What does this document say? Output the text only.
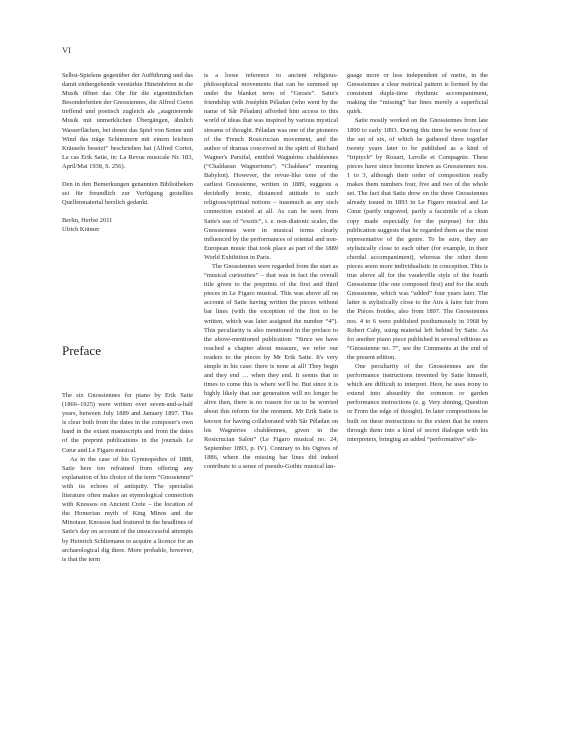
VI

Selbst-Spielens gegenüber der Aufführung und das damit einhergehende verstärkte Hineinhören in die Musik öffnet das Ohr für die eigentümlichen Besonderheiten der Gnossiennes, die Alfred Cortot treffend und poetisch zugleich als „stagnierende Musik mit unmerklichen Übergängen, ähnlich Wasserflächen, bei denen das Spiel von Sonne und Wind das träge Schimmern mit einem leichten Kräuseln besetzt“ beschrieben hat (Alfred Cortot, Le cas Erik Satie, in: La Revue musicale Nr. 183, April/Mai 1938, S. 256).

Den in den Bemerkungen genannten Bibliotheken sei für freundlich zur Verfügung gestelltes Quellenmaterial herzlich gedankt.

Berlin, Herbst 2011

Ulrich Krämer

Preface

The six Gnossiennes for piano by Erik Satie (1866–1925) were written over seven-and-a-half years, between July 1889 and January 1897. This is clear both from the dates in the composer's own hand in the extant manuscripts and from the dates of the preprint publications in the journals Le Cœur and Le Figaro musical.

As in the case of his Gymnopédies of 1888, Satie here too refrained from offering any explanation of his choice of the term “Gnossienne” with its echoes of antiquity. The specialist literature often makes an etymological connection with Knossos on Ancient Crete – the location of the Homerian myth of King Minos and the Minotaur. Knossos had featured in the headlines of Satie's day on account of the unsuccessful attempts by Heinrich Schliemann to acquire a licence for an archaeological dig there. More probable, however, is that the term

is a loose reference to ancient religious-philosophical movements that can be summed up under the blanket term of “Gnosis”. Satie's friendship with Joséphin Péladan (who went by the name of Sâr Péladan) afforded him access to this world of ideas that was inspired by various mystical streams of thought. Péladan was one of the pioneers of the French Rosicrucian movement, and the author of dramas conceived in the spirit of Richard Wagner's Parsifal, entitled Wagnéries chaldéennes (“Chaldaean Wagnerisms”; “Chaldaea” meaning Babylon). However, the revue-like tone of the earliest Gnossienne, written in 1889, suggests a decidedly ironic, distanced attitude to such religious/spiritual notions – inasmuch as any such connection existed at all. As can be seen from Satie's use of “exotic”, i. e. non-diatonic scales, the Gnossiennes were in musical terms clearly influenced by the performances of oriental and non-European music that took place as part of the 1889 World Exhibition in Paris.

The Gnossiennes were regarded from the start as “musical curiosities” – that was in fact the overall title given to the preprints of the first and third pieces in Le Figaro musical. This was above all on account of Satie having written the pieces without bar lines (with the exception of the first to be written, which was later assigned the number “4”). This peculiarity is also mentioned in the preface to the above-mentioned publication: “Since we have reached a chapter about measure, we refer our readers to the pieces by Mr Erik Satie. It's very simple in his case: there is none at all! They begin and they end … when they end. It seems that in times to come this is where we'll be. But since it is highly likely that our generation will no longer be alive then, there is no reason for us to be worried about this reform for the moment. Mr Erik Satie is known for having collaborated with Sâr Péladan on his Wagnéries chaldéennes, given in the Rosicrucian Salon” (Le Figaro musical no. 24, September 1893, p. IV). Contrary to his Ogives of 1886, where the missing bar lines did indeed contribute to a sense of pseudo-Gothic musical lan-

guage more or less independent of metre, in the Gnossiennes a clear metrical pattern is formed by the consistent duple-time rhythmic accompaniment, making the “missing” bar lines merely a superficial quirk.

Satie mostly worked on the Gnossiennes from late 1890 to early 1893. During this time he wrote four of the set of six, of which he gathered three together twenty years later to be published as a kind of “triptych” by Rouart, Lerolle et Compagnie. These pieces have since become known as Gnossiennes nos. 1 to 3, although their order of composition really makes them numbers four, five and two of the whole set. The fact that Satie drew on the three Gnossiennes already issued in 1893 in Le Figaro musical and Le Cœur (partly engraved, partly a facsimile of a clean copy made especially for the purpose) for this publication suggests that he regarded them as the most representative of the genre. To be sure, they are stylistically close to each other (for example, in their chordal accompaniment), whereas the other three pieces seem more individualistic in conception. This is true above all for the vaudeville style of the fourth Gnossienne (the one composed first) and for the sixth Gnossienne, which was “added” four years later. The latter is stylistically close to the Airs à faire fuir from the Pièces froides, also from 1897. The Gnossiennes nos. 4 to 6 were published posthumously in 1968 by Robert Caby, using material left behind by Satie. As for another piano piece published in several editions as “Gnossienne no. 7”, see the Comments at the end of the present edition.

One peculiarity of the Gnossiennes are the performance instructions invented by Satie himself, which are difficult to interpret. Here, he uses irony to extend into absurdity the common or garden performance instructions (e. g. Very shining, Question or From the edge of thought). In later compositions he built on these instructions to the extent that he enters through them into a kind of secret dialogue with his interpreters, bringing an added “performative” ele-
